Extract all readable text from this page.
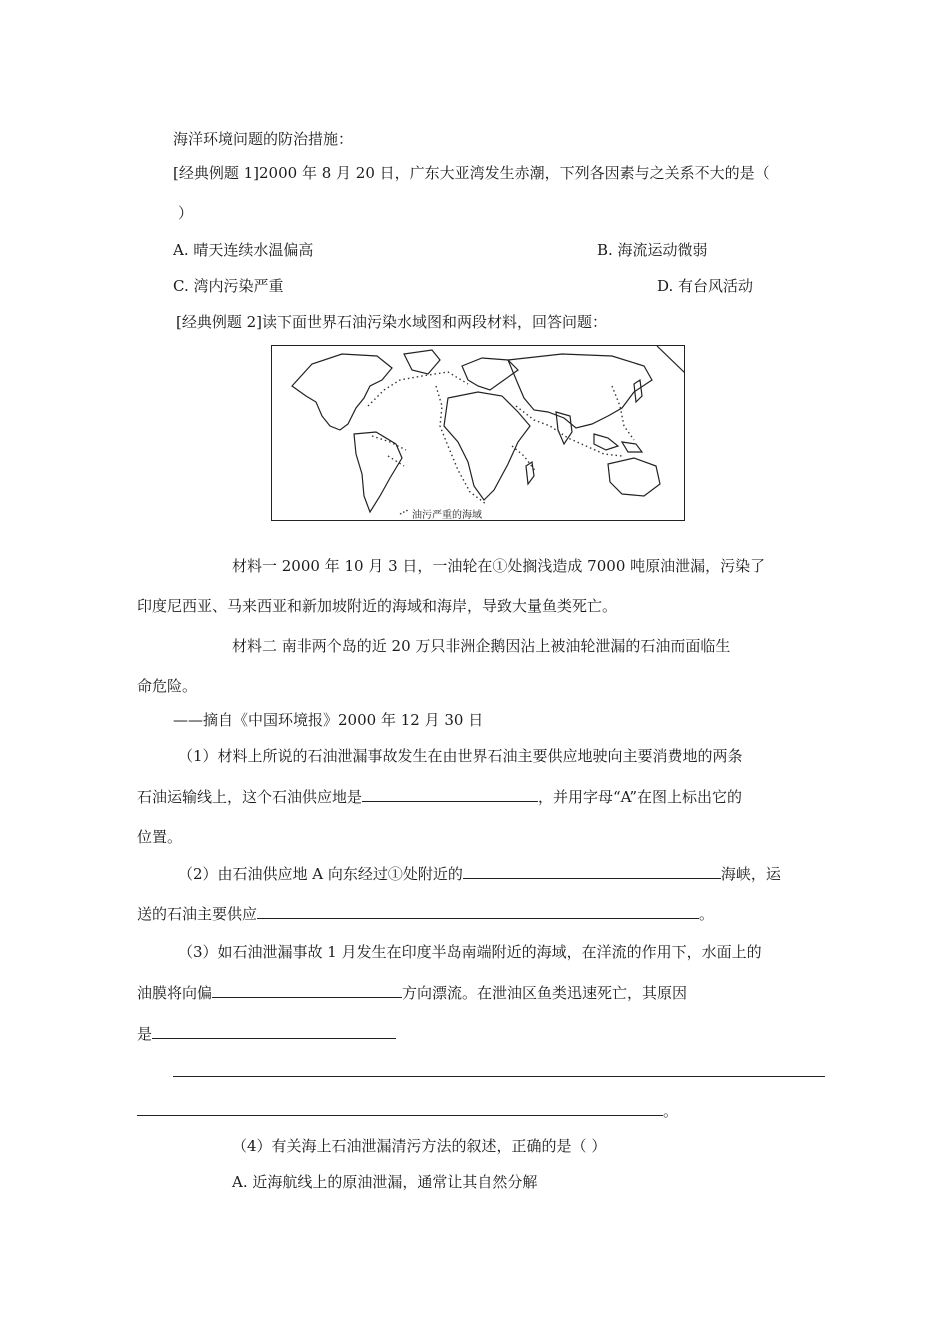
海洋环境问题的防治措施：
[经典例题 1]2000 年 8 月 20 日，广东大亚湾发生赤潮，下列各因素与之关系不大的是（
）
A. 晴天连续水温偏高	B. 海流运动微弱
C. 湾内污染严重	D. 有台风活动
[经典例题 2]读下面世界石油污染水域图和两段材料，回答问题：
油污严重的海域
材料一 2000 年 10 月 3 日，一油轮在①处搁浅造成 7000 吨原油泄漏，污染了
印度尼西亚、马来西亚和新加坡附近的海域和海岸，导致大量鱼类死亡。
材料二 南非两个岛的近 20 万只非洲企鹅因沾上被油轮泄漏的石油而面临生
命危险。
——摘自《中国环境报》2000 年 12 月 30 日
（1）材料上所说的石油泄漏事故发生在由世界石油主要供应地驶向主要消费地的两条
石油运输线上，这个石油供应地是	，并用字母“A”在图上标出它的
位置。
（2）由石油供应地 A 向东经过①处附近的	海峡，运
送的石油主要供应	。
（3）如石油泄漏事故 1 月发生在印度半岛南端附近的海域，在洋流的作用下，水面上的
油膜将向偏	方向漂流。在泄油区鱼类迅速死亡，其原因
是
。
（4）有关海上石油泄漏清污方法的叙述，正确的是（ ）
A. 近海航线上的原油泄漏，通常让其自然分解
